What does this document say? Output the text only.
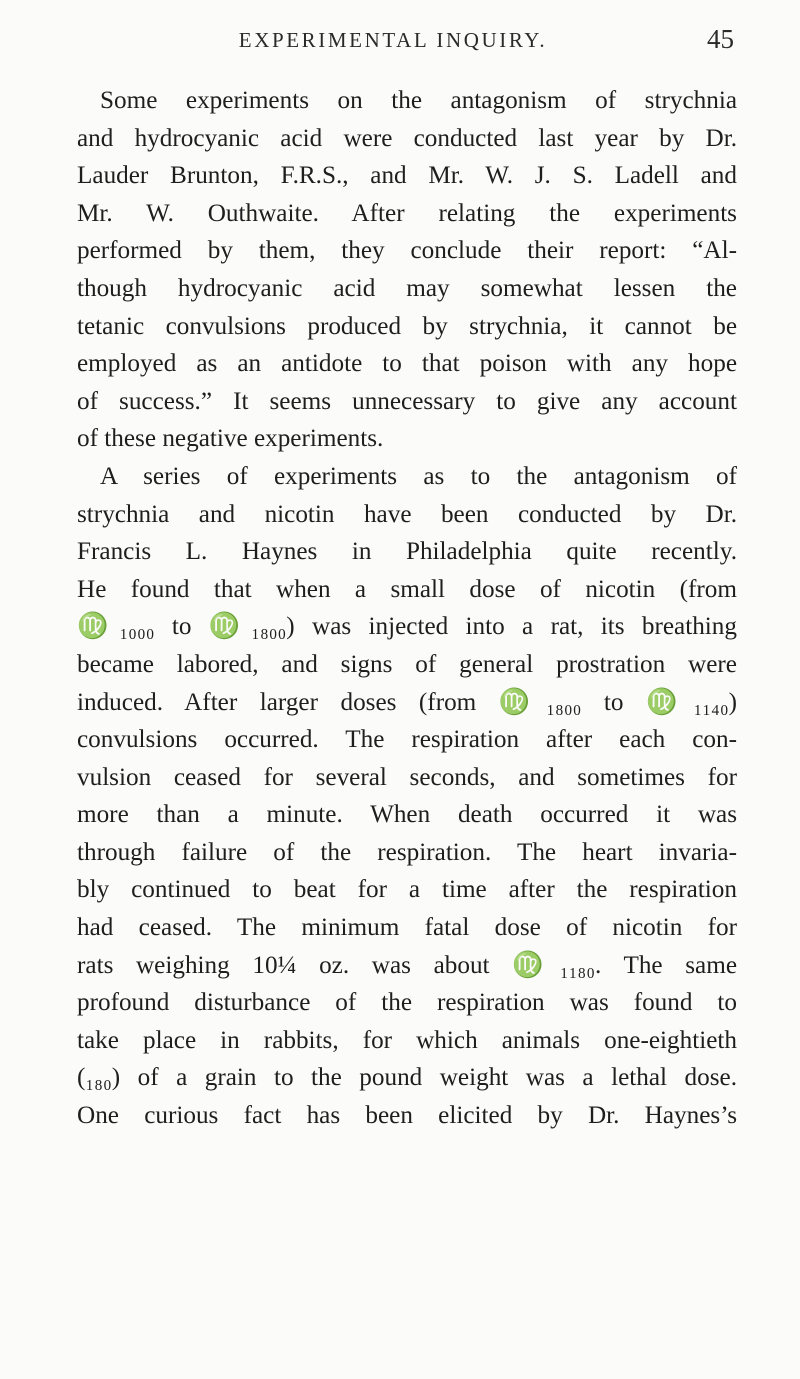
EXPERIMENTAL INQUIRY.	45
Some experiments on the antagonism of strychnia
and hydrocyanic acid were conducted last year by Dr.
Lauder Brunton, F.R.S., and Mr. W. J. S. Ladell and
Mr. W. Outhwaite. After relating the experiments
performed by them, they conclude their report: “Al-
though hydrocyanic acid may somewhat lessen the
tetanic convulsions produced by strychnia, it cannot be
employed as an antidote to that poison with any hope
of success.” It seems unnecessary to give any account
of these negative experiments.
A series of experiments as to the antagonism of
strychnia and nicotin have been conducted by Dr.
Francis L. Haynes in Philadelphia quite recently.
He found that when a small dose of nicotin (from
♍₁₀₀₀ to ♍₁₈₀₀) was injected into a rat, its breathing
became labored, and signs of general prostration were
induced. After larger doses (from ♍₁₈₀₀ to ♍₁₁₄₀)
convulsions occurred. The respiration after each con-
vulsion ceased for several seconds, and sometimes for
more than a minute. When death occurred it was
through failure of the respiration. The heart invaria-
bly continued to beat for a time after the respiration
had ceased. The minimum fatal dose of nicotin for
rats weighing 10¼ oz. was about ♍₁₁₈₀. The same
profound disturbance of the respiration was found to
take place in rabbits, for which animals one-eightieth
(₁₈₀) of a grain to the pound weight was a lethal dose.
One curious fact has been elicited by Dr. Haynes’s
